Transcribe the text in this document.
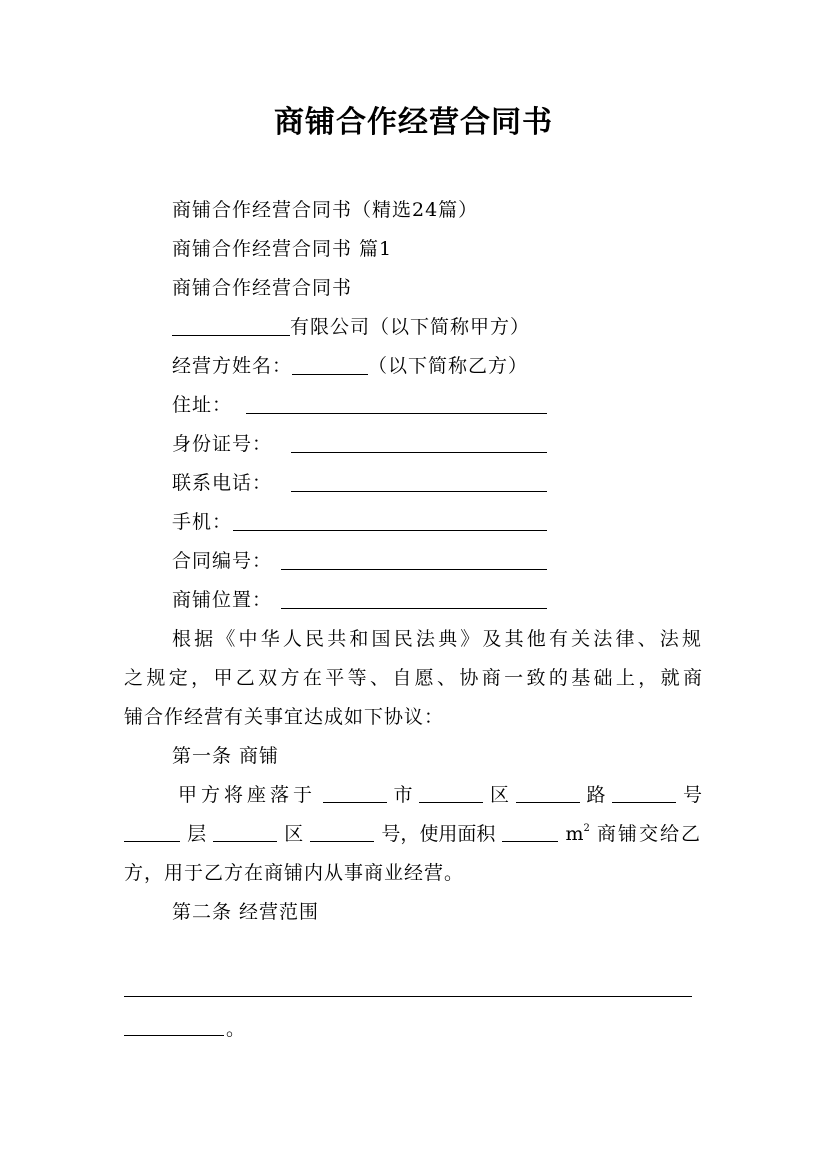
商铺合作经营合同书
商铺合作经营合同书（精选24篇）
商铺合作经营合同书 篇1
商铺合作经营合同书
有限公司（以下简称甲方）
经营方姓名：	（以下简称乙方）
住址：
身份证号：
联系电话：
手机：
合同编号：
商铺位置：
根据《中华人民共和国民法典》及其他有关法律、法规
之规定，甲乙双方在平等、自愿、协商一致的基础上，就商
铺合作经营有关事宜达成如下协议：
第一条 商铺
甲方将座落于	市	区	路	号
层	区	号，使用面积	$m^2$ 商铺交给乙
方，用于乙方在商铺内从事商业经营。
第二条 经营范围
。
